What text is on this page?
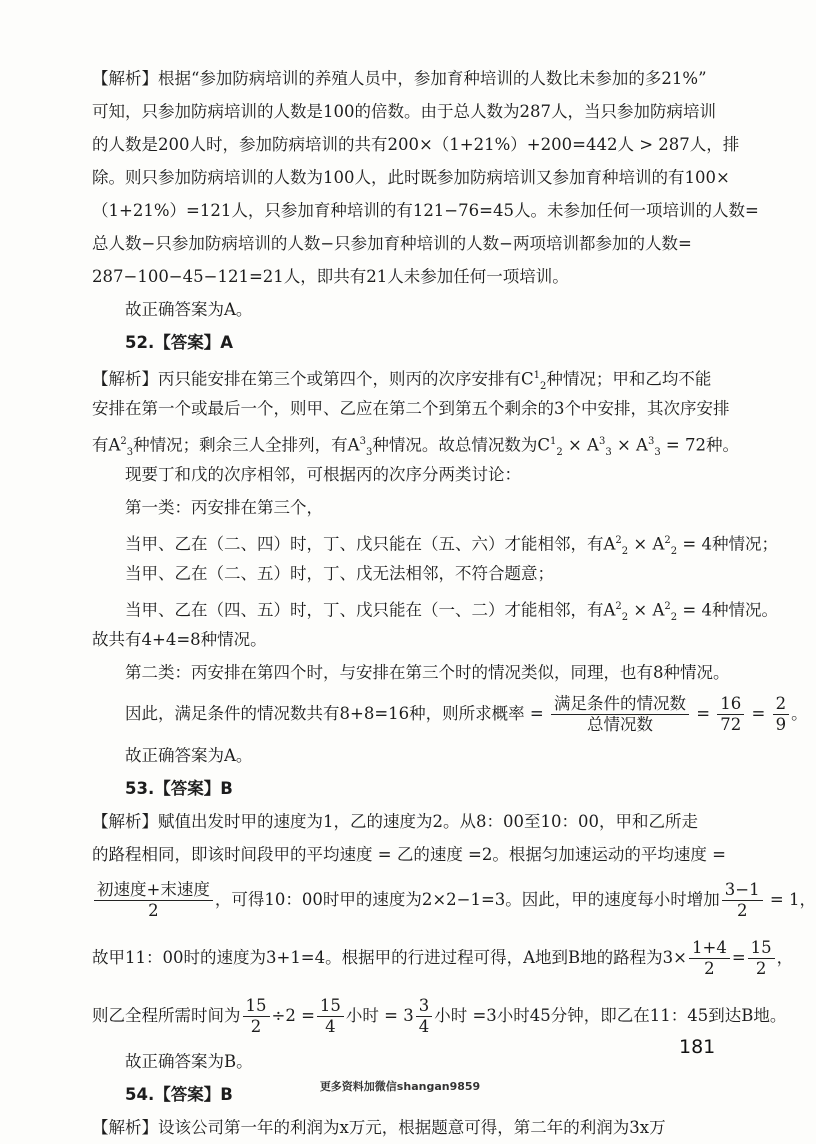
【解析】根据“参加防病培训的养殖人员中，参加育种培训的人数比未参加的多21%”
可知，只参加防病培训的人数是100的倍数。由于总人数为287人，当只参加防病培训
的人数是200人时，参加防病培训的共有200×（1+21%）+200=442人 > 287人，排
除。则只参加防病培训的人数为100人，此时既参加防病培训又参加育种培训的有100×
（1+21%）=121人，只参加育种培训的有121−76=45人。未参加任何一项培训的人数=
总人数−只参加防病培训的人数−只参加育种培训的人数−两项培训都参加的人数=
287−100−45−121=21人，即共有21人未参加任何一项培训。
故正确答案为A。
52.【答案】A
【解析】丙只能安排在第三个或第四个，则丙的次序安排有$C^1_2$种情况；甲和乙均不能
安排在第一个或最后一个，则甲、乙应在第二个到第五个剩余的3个中安排，其次序安排
有$A^2_3$种情况；剩余三人全排列，有$A^3_3$种情况。故总情况数为$C^1_2 \times A^3_3 \times A^3_3 = 72$种。
现要丁和戊的次序相邻，可根据丙的次序分两类讨论：
第一类：丙安排在第三个，
当甲、乙在（二、四）时，丁、戊只能在（五、六）才能相邻，有$A^2_2 \times A^2_2 = 4$种情况；
当甲、乙在（二、五）时，丁、戊无法相邻，不符合题意；
当甲、乙在（四、五）时，丁、戊只能在（一、二）才能相邻，有$A^2_2 \times A^2_2 = 4$种情况。
故共有4+4=8种情况。
第二类：丙安排在第四个时，与安排在第三个时的情况类似，同理，也有8种情况。
因此，满足条件的情况数共有8+8=16种，则所求概率 = $\frac{\text{满足条件的情况数}}{\text{总情况数}} = \frac{16}{72} = \frac{2}{9}$ 。
故正确答案为A。
53.【答案】B
【解析】赋值出发时甲的速度为1，乙的速度为2。从8：00至10：00，甲和乙所走
的路程相同，即该时间段甲的平均速度 = 乙的速度 =2。根据匀加速运动的平均速度 =
$\frac{\text{初速度+末速度}}{2}$ ，可得10：00时甲的速度为2×2−1=3。因此，甲的速度每小时增加 $\frac{3-1}{2} = 1$，
故甲11：00时的速度为3+1=4。根据甲的行进过程可得，A地到B地的路程为$3\times \frac{1+4}{2} = \frac{15}{2}$ ，
则乙全程所需时间为 $\frac{15}{2} \div 2 = \frac{15}{4}$ 小时 = $3 \frac{3}{4}$ 小时 =3小时45分钟，即乙在11：45到达B地。
故正确答案为B。
54.【答案】B
【解析】设该公司第一年的利润为x万元，根据题意可得，第二年的利润为3x万
181
更多资料加微信shangan9859
